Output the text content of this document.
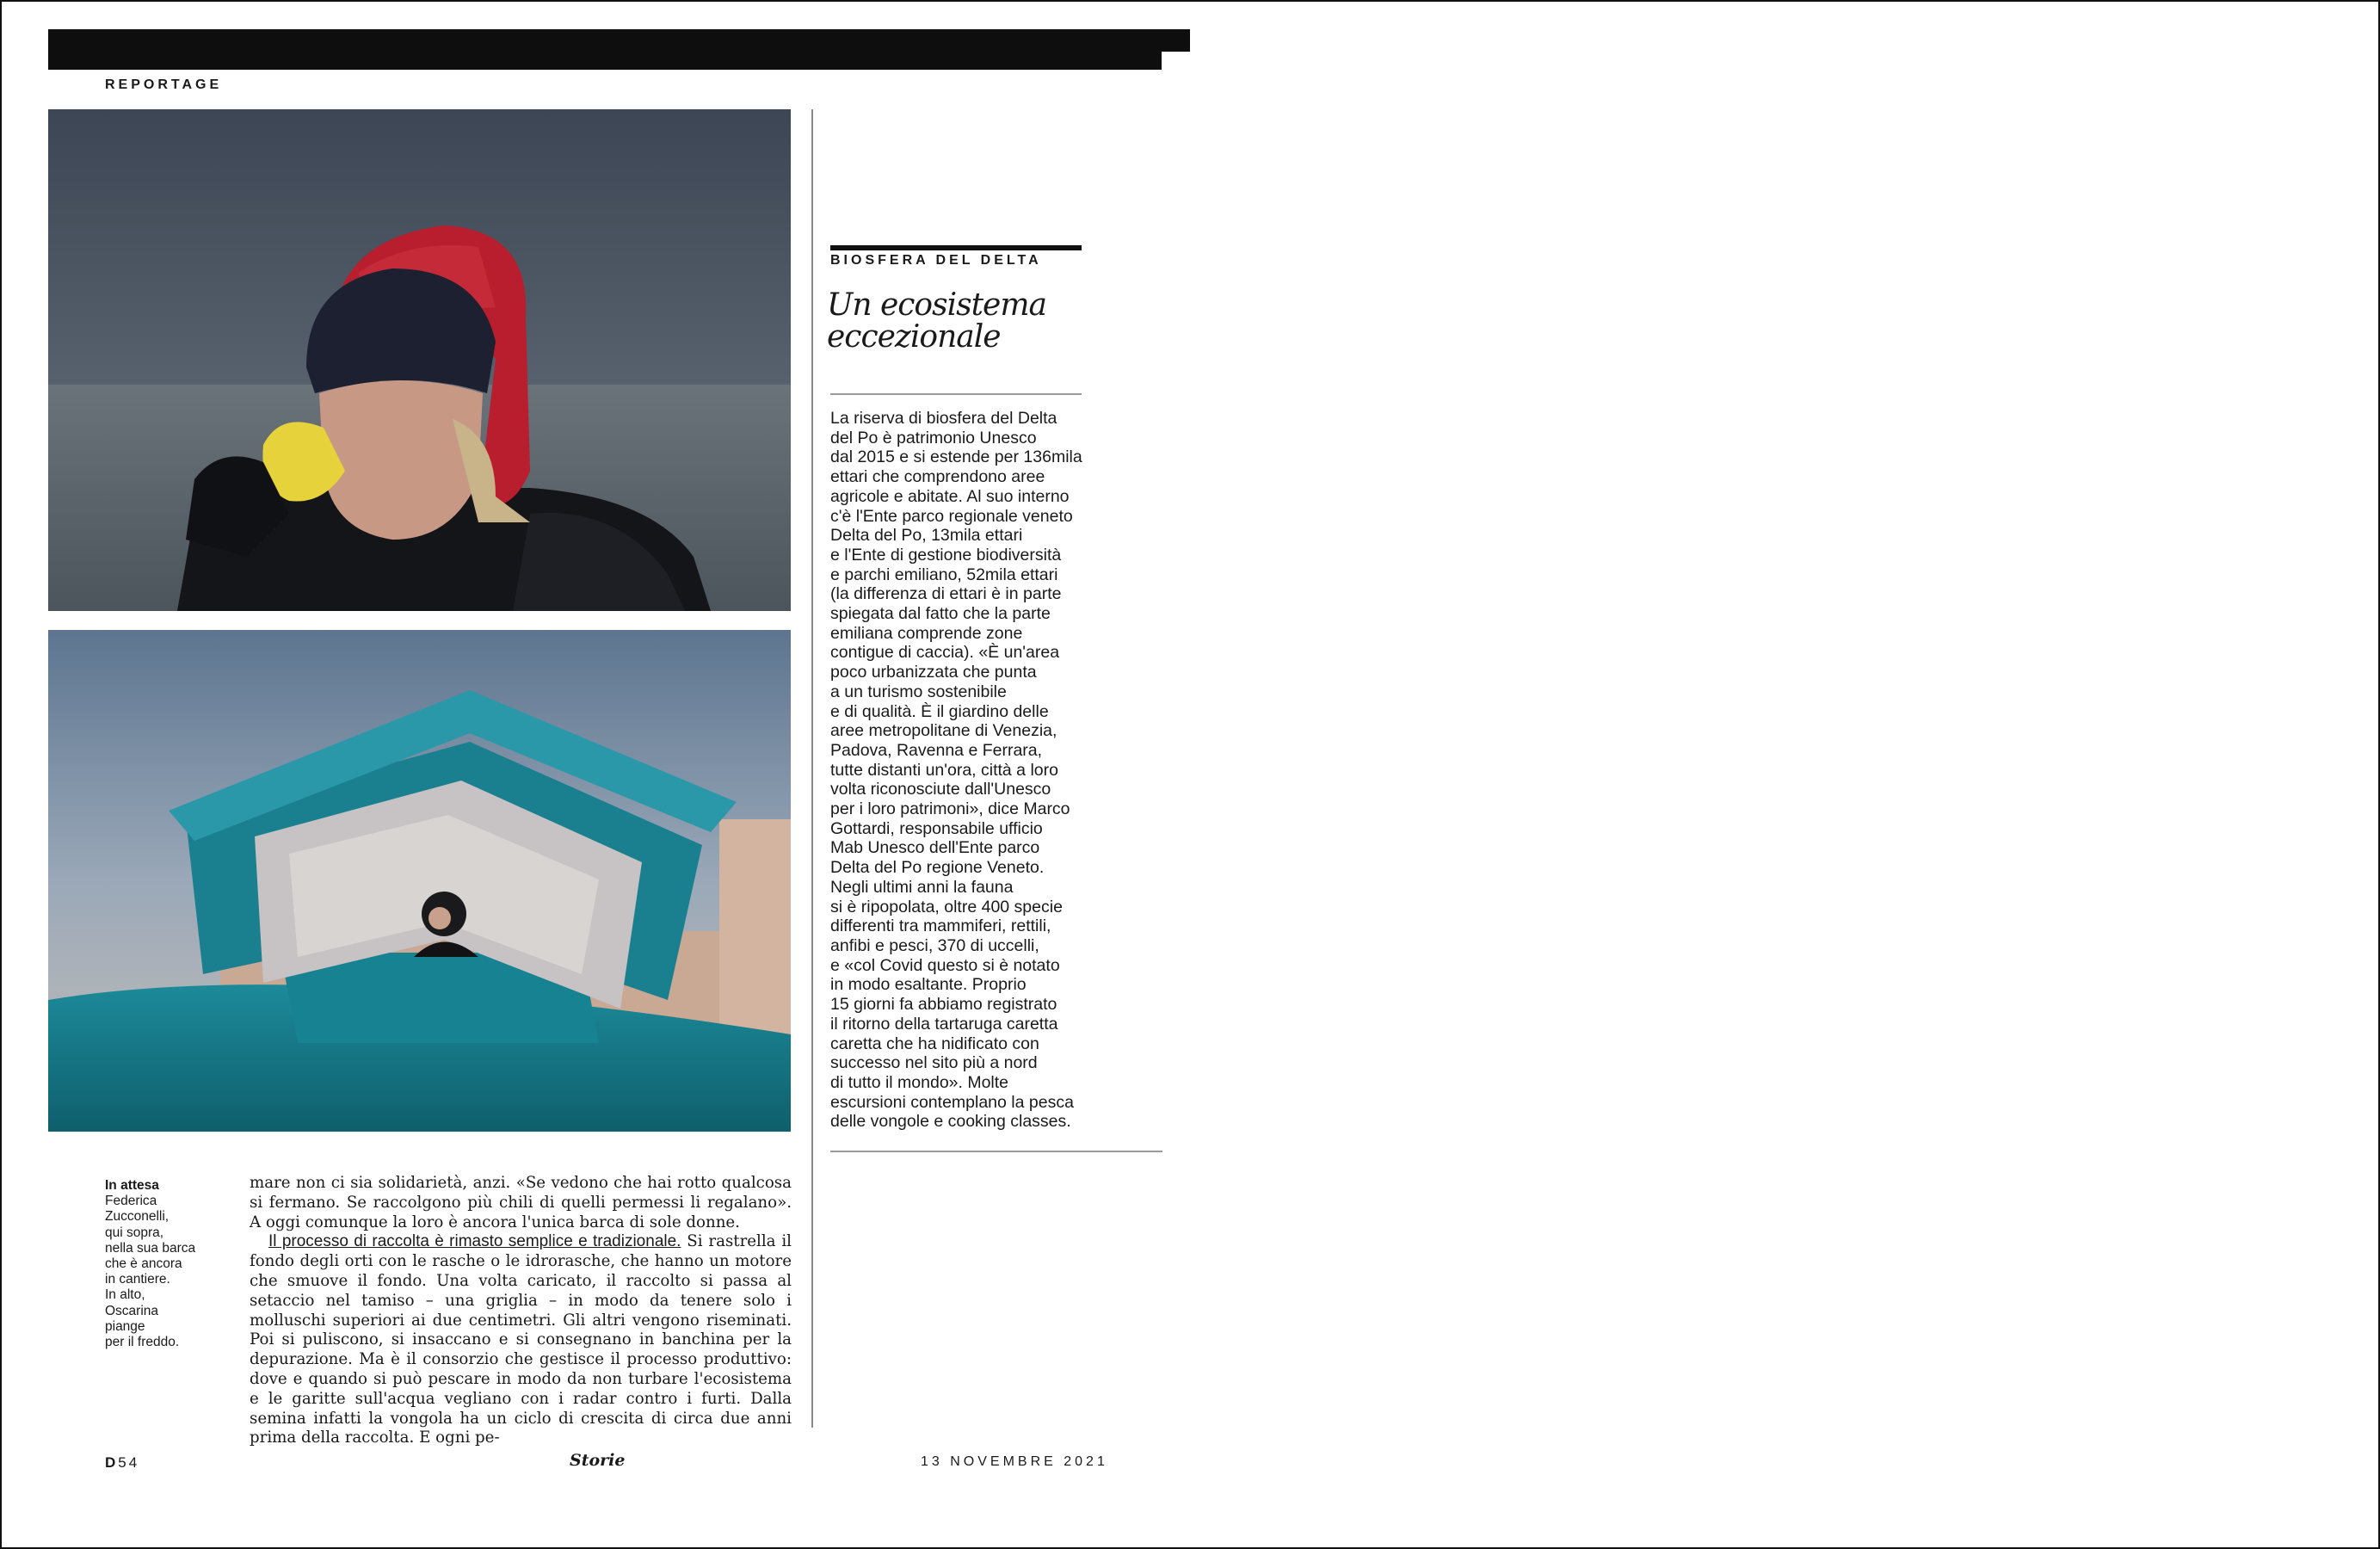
REPORTAGE
BIOSFERA DEL DELTA
Un ecosistema eccezionale
La riserva di biosfera del Delta
del Po è patrimonio Unesco
dal 2015 e si estende per 136mila
ettari che comprendono aree
agricole e abitate. Al suo interno
c'è l'Ente parco regionale veneto
Delta del Po, 13mila ettari
e l'Ente di gestione biodiversità
e parchi emiliano, 52mila ettari
(la differenza di ettari è in parte
spiegata dal fatto che la parte
emiliana comprende zone
contigue di caccia). «È un'area
poco urbanizzata che punta
a un turismo sostenibile
e di qualità. È il giardino delle
aree metropolitane di Venezia,
Padova, Ravenna e Ferrara,
tutte distanti un'ora, città a loro
volta riconosciute dall'Unesco
per i loro patrimoni», dice Marco
Gottardi, responsabile ufficio
Mab Unesco dell'Ente parco
Delta del Po regione Veneto.
Negli ultimi anni la fauna
si è ripopolata, oltre 400 specie
differenti tra mammiferi, rettili,
anfibi e pesci, 370 di uccelli,
e «col Covid questo si è notato
in modo esaltante. Proprio
15 giorni fa abbiamo registrato
il ritorno della tartaruga caretta
caretta che ha nidificato con
successo nel sito più a nord
di tutto il mondo». Molte
escursioni contemplano la pesca
delle vongole e cooking classes.
In attesa
Federica
Zucconelli,
qui sopra,
nella sua barca
che è ancora
in cantiere.
In alto,
Oscarina
piange
per il freddo.

mare non ci sia solidarietà, anzi. «Se vedono che hai rotto qualcosa si fermano. Se raccolgono più chili di quelli permessi li regalano». A oggi comunque la loro è ancora l'unica barca di sole donne.

Il processo di raccolta è rimasto semplice e tradizionale. Si rastrella il fondo degli orti con le rasche o le idrorasche, che hanno un motore che smuove il fondo. Una volta caricato, il raccolto si passa al setaccio nel tamiso – una griglia – in modo da tenere solo i molluschi superiori ai due centimetri. Gli altri vengono riseminati. Poi si puliscono, si insaccano e si consegnano in banchina per la depurazione. Ma è il consorzio che gestisce il processo produttivo: dove e quando si può pescare in modo da non turbare l'ecosistema e le garitte sull'acqua vegliano con i radar contro i furti. Dalla semina infatti la vongola ha un ciclo di crescita di circa due anni prima della raccolta. E ogni pe-

D54	Storie	13 NOVEMBRE 2021
